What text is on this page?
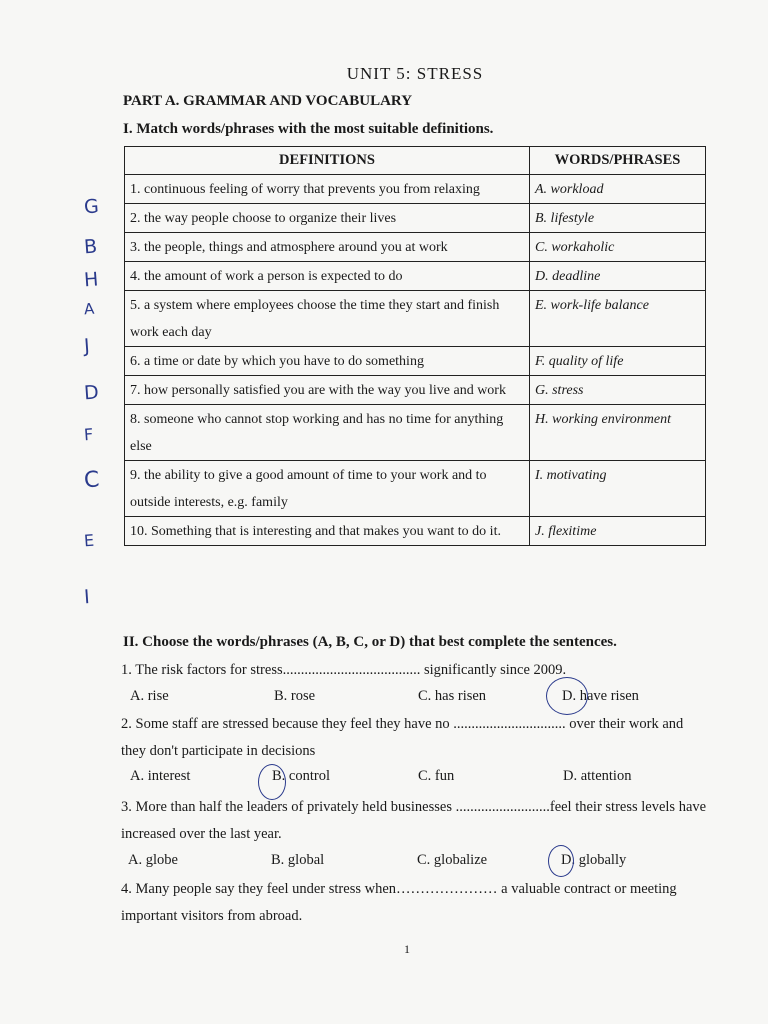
UNIT 5: STRESS
PART A. GRAMMAR AND VOCABULARY
I. Match words/phrases with the most suitable definitions.
DEFINITIONS	WORDS/PHRASES
1. continuous feeling of worry that prevents you from relaxing	A. workload
2. the way people choose to organize their lives	B. lifestyle
3. the people, things and atmosphere around you at work	C. workaholic
4. the amount of work a person is expected to do	D. deadline
5. a system where employees choose the time they start and finish work each day	E. work-life balance
6. a time or date by which you have to do something	F. quality of life
7. how personally satisfied you are with the way you live and work	G. stress
8. someone who cannot stop working and has no time for anything else	H. working environment
9. the ability to give a good amount of time to your work and to outside interests, e.g. family	I. motivating
10. Something that is interesting and that makes you want to do it.	J. flexitime
G
B
H
A
J
D
F
C
E
I
II. Choose the words/phrases (A, B, C, or D) that best complete the sentences.
1. The risk factors for stress...................................... significantly since 2009.
A. rise	B. rose	C. has risen	D. have risen
2. Some staff are stressed because they feel they have no ............................... over their work and they don't participate in decisions
A. interest	B. control	C. fun	D. attention
3. More than half the leaders of privately held businesses ..........................feel their stress levels have increased over the last year.
A. globe	B. global	C. globalize	D. globally
4. Many people say they feel under stress when………………… a valuable contract or meeting important visitors from abroad.
1
